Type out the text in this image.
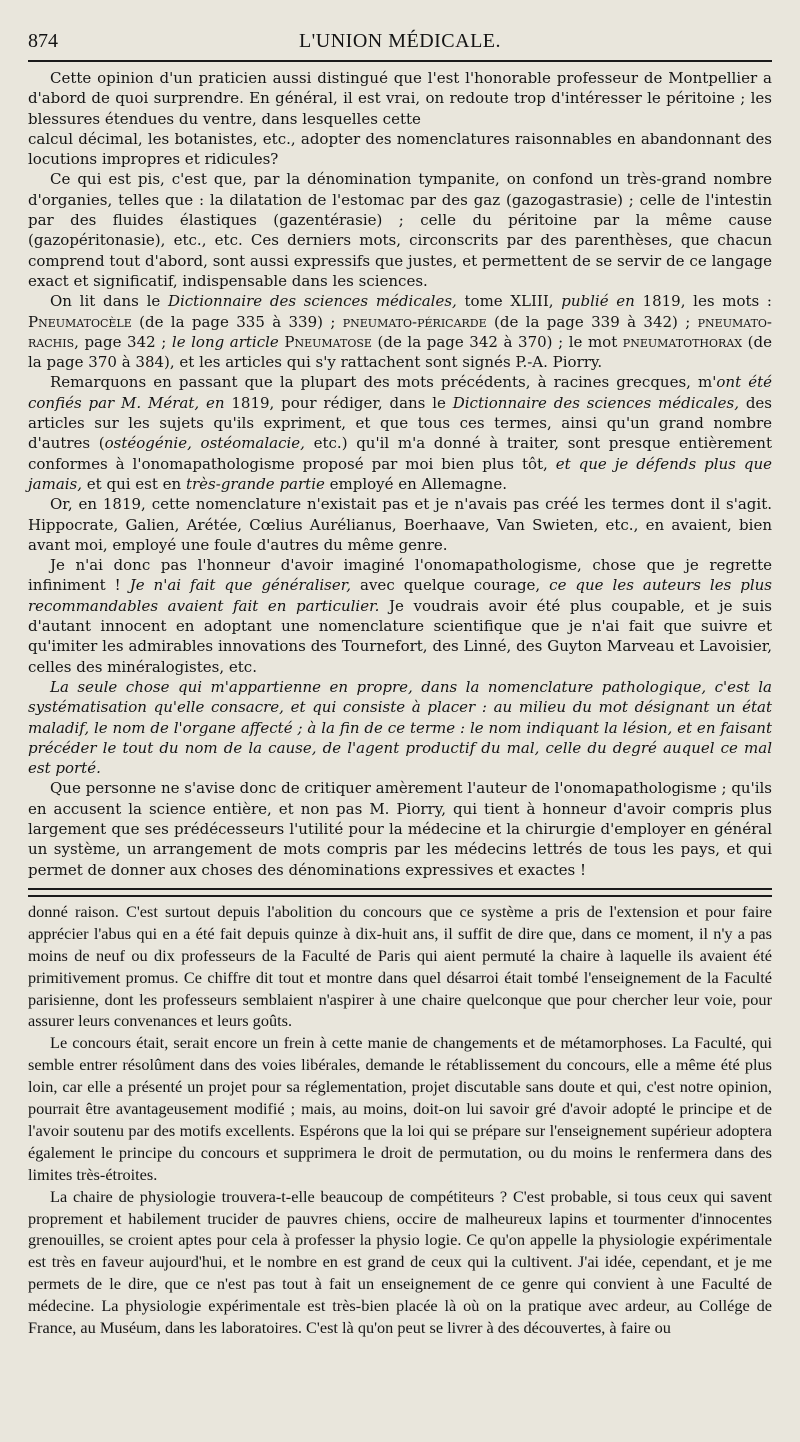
874	L'UNION MÉDICALE.

Cette opinion d'un praticien aussi distingué que l'est l'honorable professeur de Montpellier a d'abord de quoi surprendre. En général, il est vrai, on redoute trop d'intéresser le péritoine ; les blessures étendues du ventre, dans lesquelles cette

calcul décimal, les botanistes, etc., adopter des nomenclatures raisonnables en abandonnant des locutions impropres et ridicules?

Ce qui est pis, c'est que, par la dénomination tympanite, on confond un très-grand nombre d'organies, telles que : la dilatation de l'estomac par des gaz (gazogastrasie) ; celle de l'intestin par des fluides élastiques (gazentérasie) ; celle du péritoine par la même cause (gazopéritonasie), etc., etc. Ces derniers mots, circonscrits par des parenthèses, que chacun comprend tout d'abord, sont aussi expressifs que justes, et permettent de se servir de ce langage exact et significatif, indispensable dans les sciences.

On lit dans le Dictionnaire des sciences médicales, tome XLIII, publié en 1819, les mots : Pneumatocèle (de la page 335 à 339) ; pneumato-péricarde (de la page 339 à 342) ; pneumato-rachis, page 342 ; le long article Pneumatose (de la page 342 à 370) ; le mot pneumatothorax (de la page 370 à 384), et les articles qui s'y rattachent sont signés P.-A. Piorry.

Remarquons en passant que la plupart des mots précédents, à racines grecques, m'ont été confiés par M. Mérat, en 1819, pour rédiger, dans le Dictionnaire des sciences médicales, des articles sur les sujets qu'ils expriment, et que tous ces termes, ainsi qu'un grand nombre d'autres (ostéogénie, ostéomalacie, etc.) qu'il m'a donné à traiter, sont presque entièrement conformes à l'onomapathologisme proposé par moi bien plus tôt, et que je défends plus que jamais, et qui est en très-grande partie employé en Allemagne.

Or, en 1819, cette nomenclature n'existait pas et je n'avais pas créé les termes dont il s'agit. Hippocrate, Galien, Arétée, Cœlius Aurélianus, Boerhaave, Van Swieten, etc., en avaient, bien avant moi, employé une foule d'autres du même genre.

Je n'ai donc pas l'honneur d'avoir imaginé l'onomapathologisme, chose que je regrette infiniment ! Je n'ai fait que généraliser, avec quelque courage, ce que les auteurs les plus recommandables avaient fait en particulier. Je voudrais avoir été plus coupable, et je suis d'autant innocent en adoptant une nomenclature scientifique que je n'ai fait que suivre et qu'imiter les admirables innovations des Tournefort, des Linné, des Guyton Marveau et Lavoisier, celles des minéralogistes, etc.

La seule chose qui m'appartienne en propre, dans la nomenclature pathologique, c'est la systématisation qu'elle consacre, et qui consiste à placer : au milieu du mot désignant un état maladif, le nom de l'organe affecté ; à la fin de ce terme : le nom indiquant la lésion, et en faisant précéder le tout du nom de la cause, de l'agent productif du mal, celle du degré auquel ce mal est porté.

Que personne ne s'avise donc de critiquer amèrement l'auteur de l'onomapathologisme ; qu'ils en accusent la science entière, et non pas M. Piorry, qui tient à honneur d'avoir compris plus largement que ses prédécesseurs l'utilité pour la médecine et la chirurgie d'employer en général un système, un arrangement de mots compris par les médecins lettrés de tous les pays, et qui permet de donner aux choses des dénominations expressives et exactes !

donné raison. C'est surtout depuis l'abolition du concours que ce système a pris de l'extension et pour faire apprécier l'abus qui en a été fait depuis quinze à dix-huit ans, il suffit de dire que, dans ce moment, il n'y a pas moins de neuf ou dix professeurs de la Faculté de Paris qui aient permuté la chaire à laquelle ils avaient été primitivement promus. Ce chiffre dit tout et montre dans quel désarroi était tombé l'enseignement de la Faculté parisienne, dont les professeurs semblaient n'aspirer à une chaire quelconque que pour chercher leur voie, pour assurer leurs convenances et leurs goûts.

Le concours était, serait encore un frein à cette manie de changements et de métamorphoses. La Faculté, qui semble entrer résolûment dans des voies libérales, demande le rétablissement du concours, elle a même été plus loin, car elle a présenté un projet pour sa réglementation, projet discutable sans doute et qui, c'est notre opinion, pourrait être avantageusement modifié ; mais, au moins, doit-on lui savoir gré d'avoir adopté le principe et de l'avoir soutenu par des motifs excellents. Espérons que la loi qui se prépare sur l'enseignement supérieur adoptera également le principe du concours et supprimera le droit de permutation, ou du moins le renfermera dans des limites très-étroites.

La chaire de physiologie trouvera-t-elle beaucoup de compétiteurs ? C'est probable, si tous ceux qui savent proprement et habilement trucider de pauvres chiens, occire de malheureux lapins et tourmenter d'innocentes grenouilles, se croient aptes pour cela à professer la physio logie. Ce qu'on appelle la physiologie expérimentale est très en faveur aujourd'hui, et le nombre en est grand de ceux qui la cultivent. J'ai idée, cependant, et je me permets de le dire, que ce n'est pas tout à fait un enseignement de ce genre qui convient à une Faculté de médecine. La physiologie expérimentale est très-bien placée là où on la pratique avec ardeur, au Collége de France, au Muséum, dans les laboratoires. C'est là qu'on peut se livrer à des découvertes, à faire ou
